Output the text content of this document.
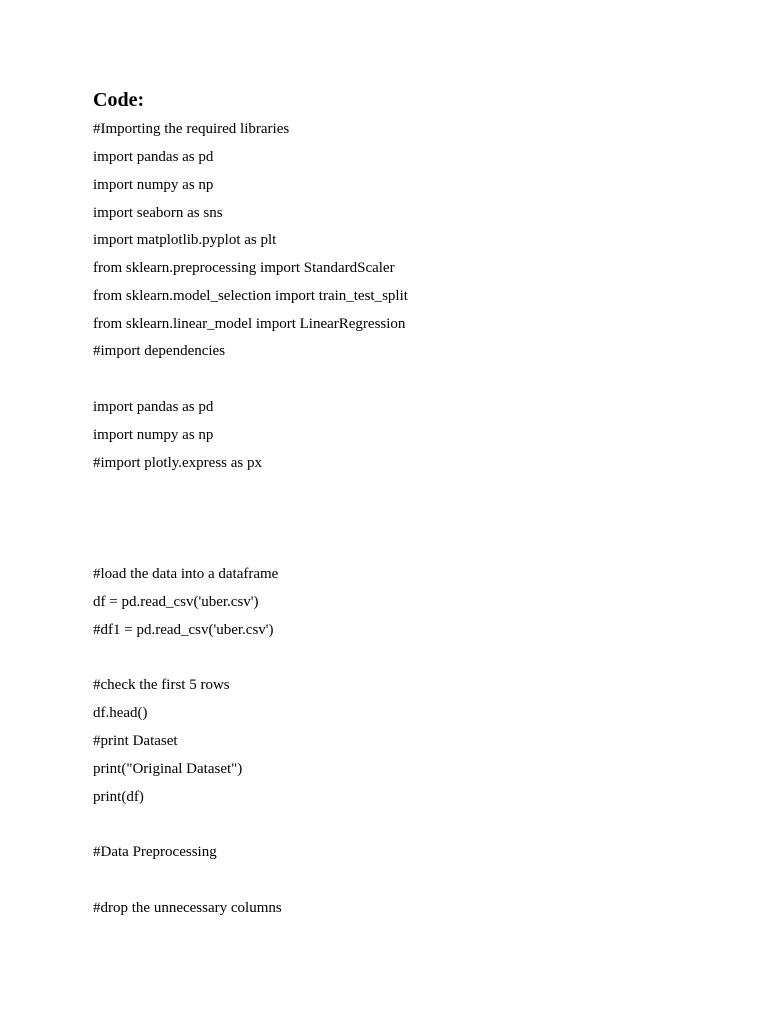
Code:
#Importing the required libraries
import pandas as pd
import numpy as np
import seaborn as sns
import matplotlib.pyplot as plt
from sklearn.preprocessing import StandardScaler
from sklearn.model_selection import train_test_split
from sklearn.linear_model import LinearRegression
#import dependencies
import pandas as pd
import numpy as np
#import plotly.express as px
#load the data into a dataframe
df = pd.read_csv('uber.csv')
#df1 = pd.read_csv('uber.csv')
#check the first 5 rows
df.head()
#print Dataset
print("Original Dataset")
print(df)
#Data Preprocessing
#drop the unnecessary columns
